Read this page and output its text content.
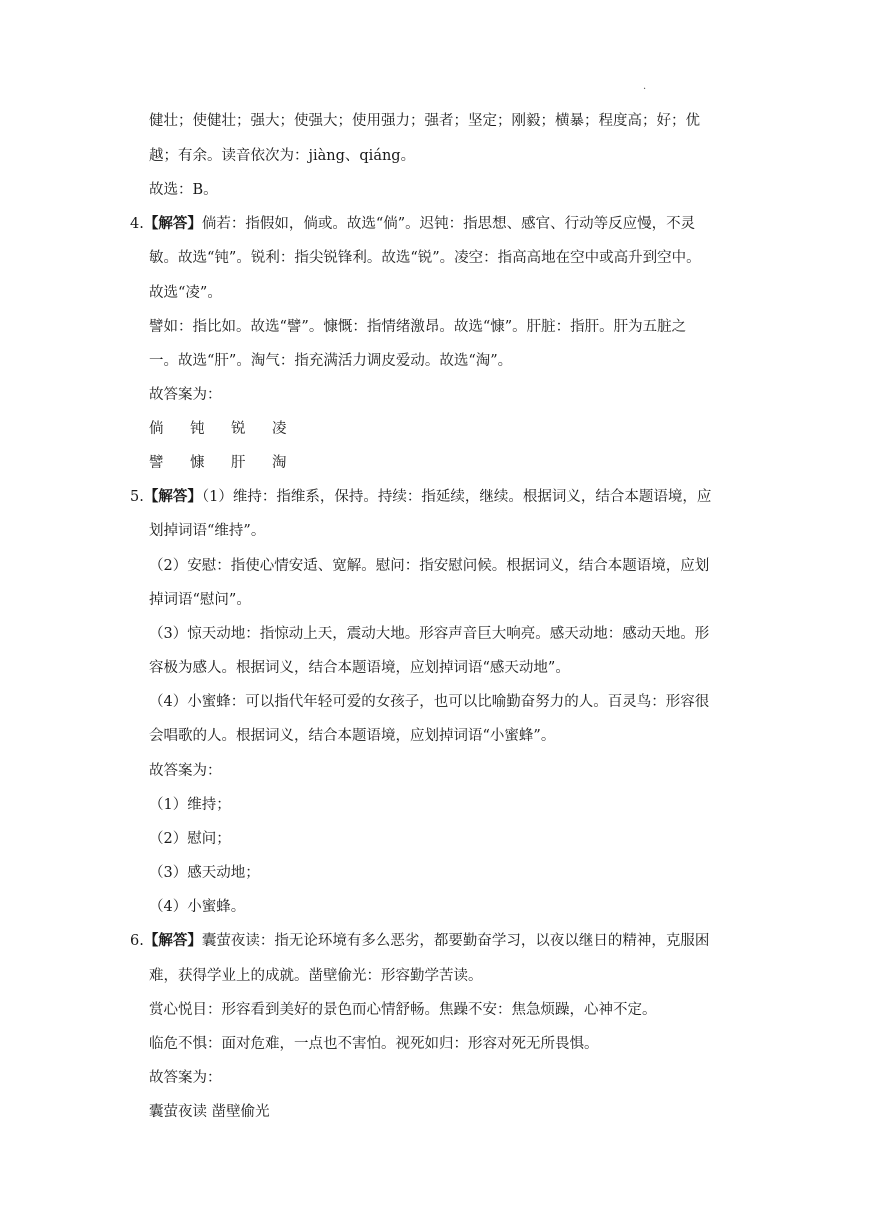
·
健壮；使健壮；强大；使强大；使用强力；强者；坚定；刚毅；横暴；程度高；好；优
越；有余。读音依次为：jiàng、qiáng。
故选：B。
4.【解答】倘若：指假如，倘或。故选“倘”。迟钝：指思想、感官、行动等反应慢，不灵
敏。故选“钝”。锐利：指尖锐锋利。故选“锐”。凌空：指高高地在空中或高升到空中。
故选“凌”。
譬如：指比如。故选“譬”。慷慨：指情绪激昂。故选“慷”。肝脏：指肝。肝为五脏之
一。故选“肝”。淘气：指充满活力调皮爱动。故选“淘”。
故答案为：
倘 钝 锐 凌
譬 慷 肝 淘
5.【解答】（1）维持：指维系，保持。持续：指延续，继续。根据词义，结合本题语境，应
划掉词语“维持”。
（2）安慰：指使心情安适、宽解。慰问：指安慰问候。根据词义，结合本题语境，应划
掉词语“慰问”。
（3）惊天动地：指惊动上天，震动大地。形容声音巨大响亮。感天动地：感动天地。形
容极为感人。根据词义，结合本题语境，应划掉词语“感天动地”。
（4）小蜜蜂：可以指代年轻可爱的女孩子，也可以比喻勤奋努力的人。百灵鸟：形容很
会唱歌的人。根据词义，结合本题语境，应划掉词语“小蜜蜂”。
故答案为：
（1）维持；
（2）慰问；
（3）感天动地；
（4）小蜜蜂。
6.【解答】囊萤夜读：指无论环境有多么恶劣，都要勤奋学习，以夜以继日的精神，克服困
难，获得学业上的成就。凿壁偷光：形容勤学苦读。
赏心悦目：形容看到美好的景色而心情舒畅。焦躁不安：焦急烦躁，心神不定。
临危不惧：面对危难，一点也不害怕。视死如归：形容对死无所畏惧。
故答案为：
囊萤夜读 凿壁偷光
